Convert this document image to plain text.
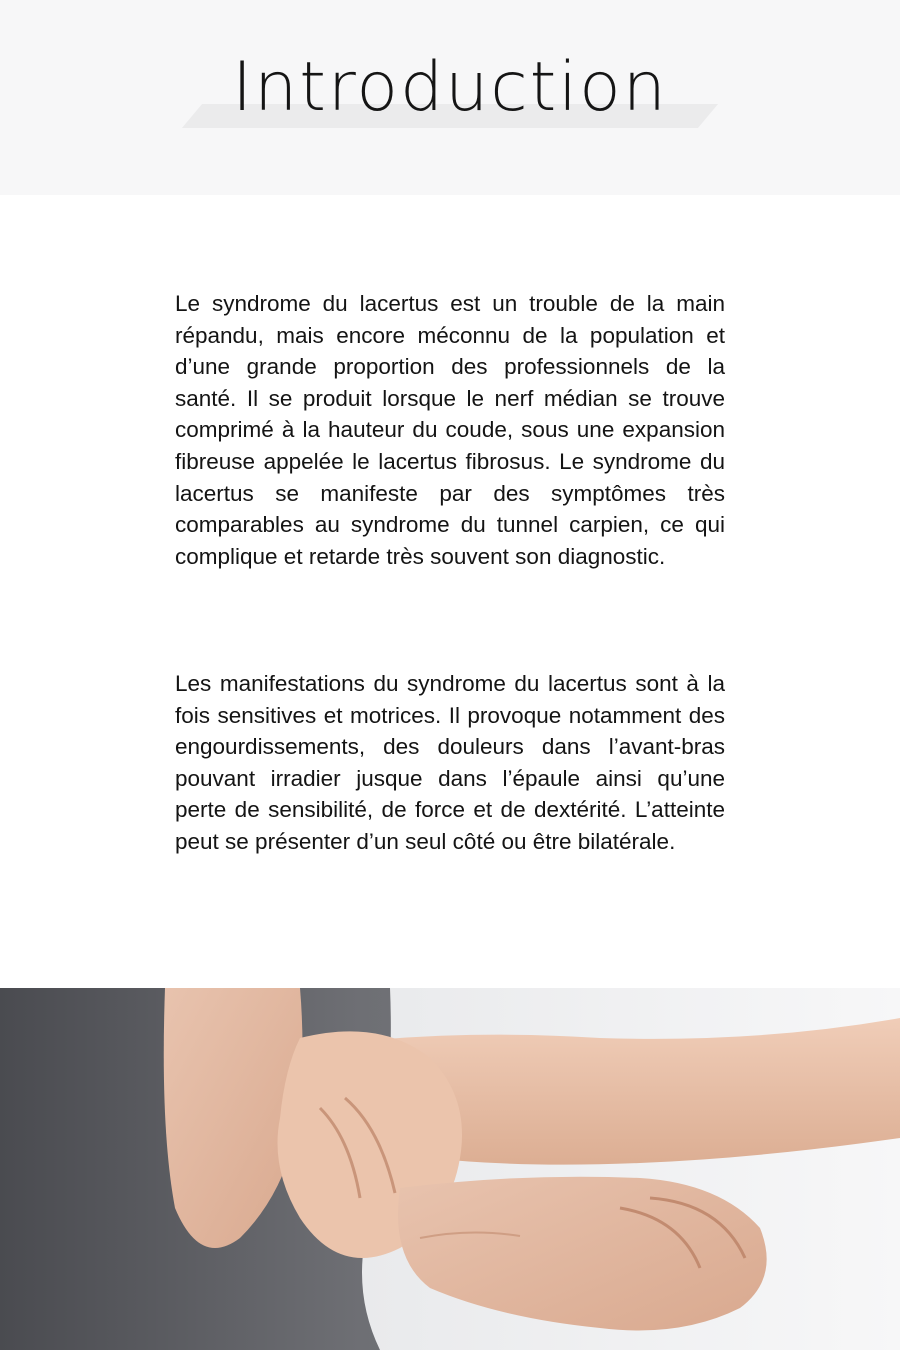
Introduction

Le syndrome du lacertus est un trouble de la main répandu, mais encore méconnu de la population et d’une grande proportion des professionnels de la santé. Il se produit lorsque le nerf médian se trouve comprimé à la hauteur du coude, sous une expansion fibreuse appelée le lacertus fibrosus. Le syndrome du lacertus se manifeste par des symptômes très comparables au syndrome du tunnel carpien, ce qui complique et retarde très souvent son diagnostic.

Les manifestations du syndrome du lacertus sont à la fois sensitives et motrices. Il provoque notamment des engourdissements, des douleurs dans l’avant-bras pouvant irradier jusque dans l’épaule ainsi qu’une perte de sensibilité, de force et de dextérité. L’atteinte peut se présenter d’un seul côté ou être bilatérale.
